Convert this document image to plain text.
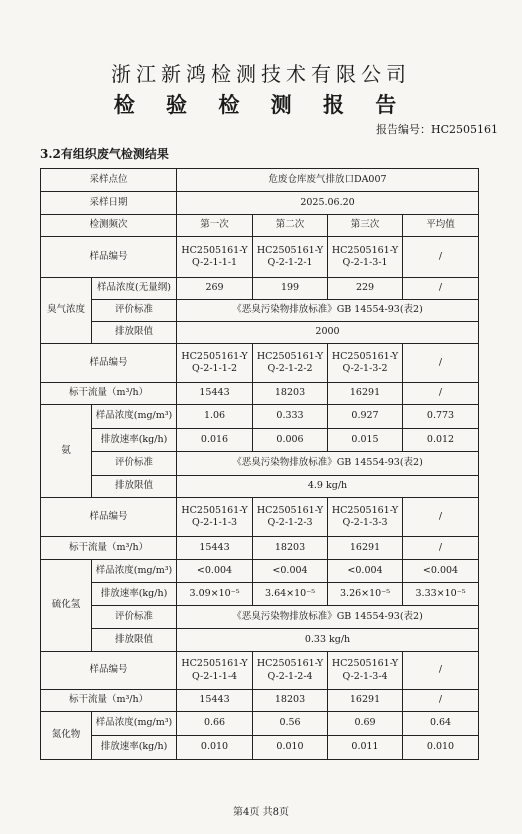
浙江新鸿检测技术有限公司
检 验 检 测 报 告
报告编号：HC2505161
3.2有组织废气检测结果
采样点位		危废仓库废气排放口DA007			
采样日期		2025.06.20			
检测频次		第一次	第二次	第三次	平均值
样品编号		HC2505161-YQ-2-1-1-1	HC2505161-YQ-2-1-2-1	HC2505161-YQ-2-1-3-1	/
臭气浓度	样品浓度(无量纲)	269	199	229	/
	评价标准	《恶臭污染物排放标准》GB 14554-93(表2)			
	排放限值	2000			
样品编号		HC2505161-YQ-2-1-1-2	HC2505161-YQ-2-1-2-2	HC2505161-YQ-2-1-3-2	/
标干流量（m³/h）		15443	18203	16291	/
氨	样品浓度(mg/m³)	1.06	0.333	0.927	0.773
	排放速率(kg/h)	0.016	0.006	0.015	0.012
	评价标准	《恶臭污染物排放标准》GB 14554-93(表2)			
	排放限值	4.9 kg/h			
样品编号		HC2505161-YQ-2-1-1-3	HC2505161-YQ-2-1-2-3	HC2505161-YQ-2-1-3-3	/
标干流量（m³/h）		15443	18203	16291	/
硫化氢	样品浓度(mg/m³)	<0.004	<0.004	<0.004	<0.004
	排放速率(kg/h)	3.09×10⁻⁵	3.64×10⁻⁵	3.26×10⁻⁵	3.33×10⁻⁵
	评价标准	《恶臭污染物排放标准》GB 14554-93(表2)			
	排放限值	0.33 kg/h			
样品编号		HC2505161-YQ-2-1-1-4	HC2505161-YQ-2-1-2-4	HC2505161-YQ-2-1-3-4	/
标干流量（m³/h）		15443	18203	16291	/
氮化物	样品浓度(mg/m³)	0.66	0.56	0.69	0.64
	排放速率(kg/h)	0.010	0.010	0.011	0.010
第4页 共8页
